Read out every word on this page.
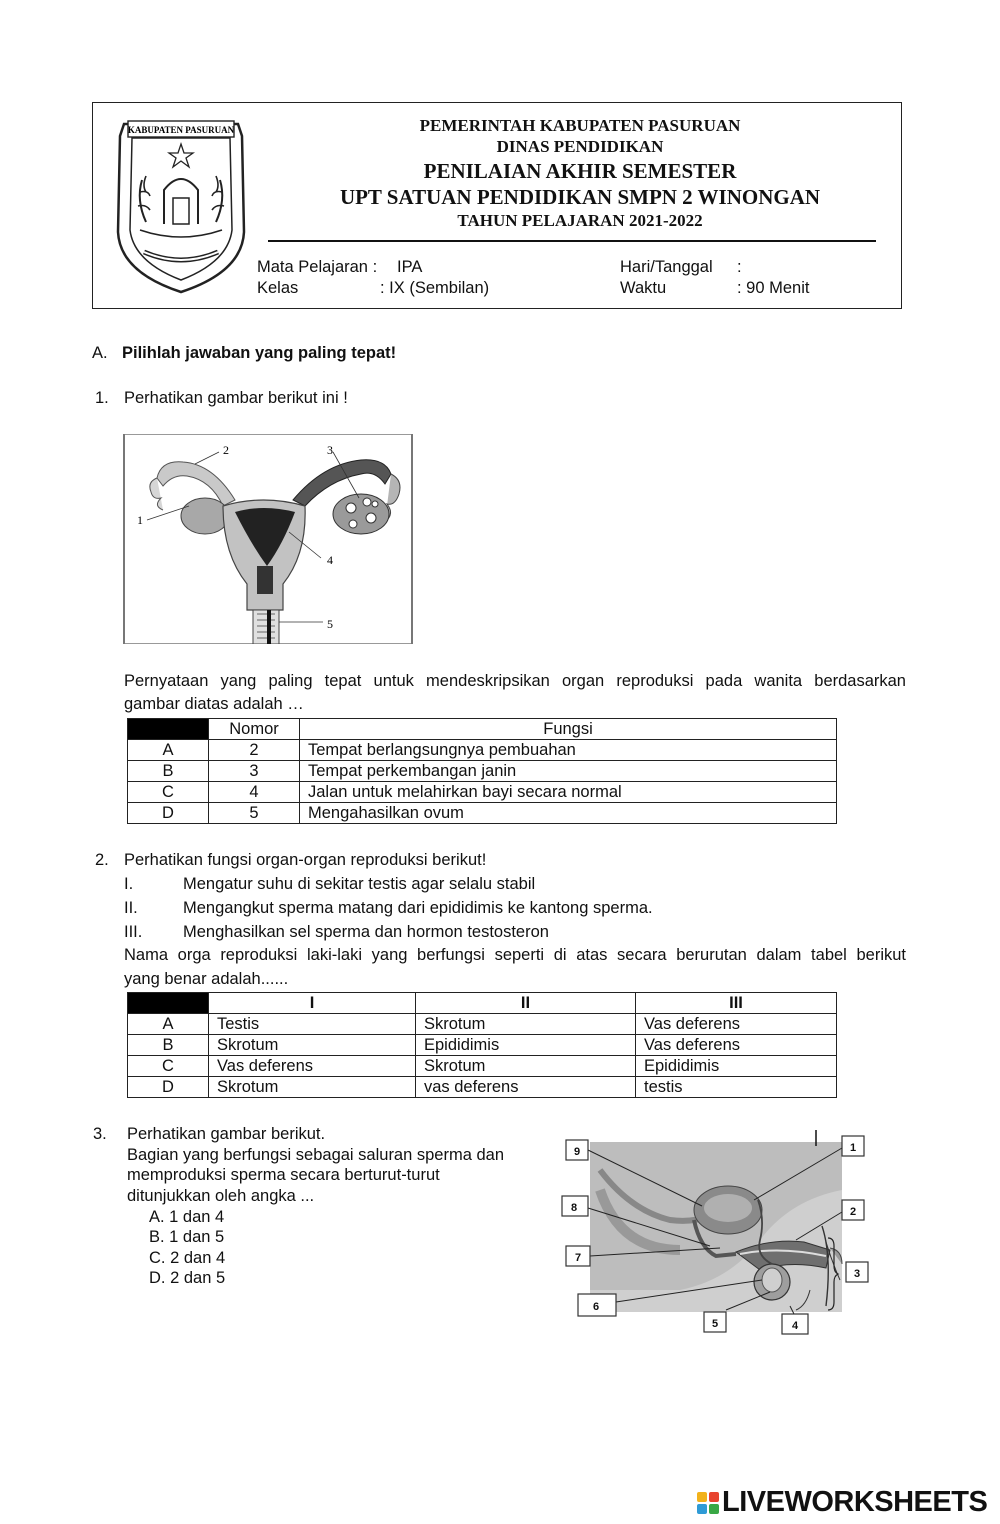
KABUPATEN PASURUAN	PEMERINTAH KABUPATEN PASURUAN
DINAS PENDIDIKAN
PENILAIAN AKHIR SEMESTER
UPT SATUAN PENDIDIKAN SMPN 2 WINONGAN
TAHUN PELAJARAN 2021-2022
Mata Pelajaran : IPA
Kelas	: IX (Sembilan)
Hari/Tanggal :
Waktu	: 90 Menit
A. Pilihlah jawaban yang paling tepat!
1. Perhatikan gambar berikut ini !
1
2	3
4
5
Pernyataan yang paling tepat untuk mendeskripsikan organ reproduksi pada wanita berdasarkan
gambar diatas adalah …
	Nomor	Fungsi
A	2	Tempat berlangsungnya pembuahan
B	3	Tempat perkembangan janin
C	4	Jalan untuk melahirkan bayi secara normal
D	5	Mengahasilkan ovum
2. Perhatikan fungsi organ-organ reproduksi berikut!
I.	Mengatur suhu di sekitar testis agar selalu stabil
II.	Mengangkut sperma matang dari epididimis ke kantong sperma.
III. Menghasilkan sel sperma dan hormon testosteron
Nama orga reproduksi laki-laki yang berfungsi seperti di atas secara berurutan dalam tabel berikut
yang benar adalah......
	I	II	III
A	Testis	Skrotum	Vas deferens
B	Skrotum	Epididimis	Vas deferens
C	Vas deferens	Skrotum	Epididimis
D	Skrotum	vas deferens	testis
3. Perhatikan gambar berikut.
Bagian yang berfungsi sebagai saluran sperma dan
memproduksi sperma secara berturut-turut
ditunjukkan oleh angka ...
A. 1 dan 4
B. 1 dan 5
C. 2 dan 4
D. 2 dan 5
1
2
3
4
5
6
7
8
9
LIVEWORKSHEETS
